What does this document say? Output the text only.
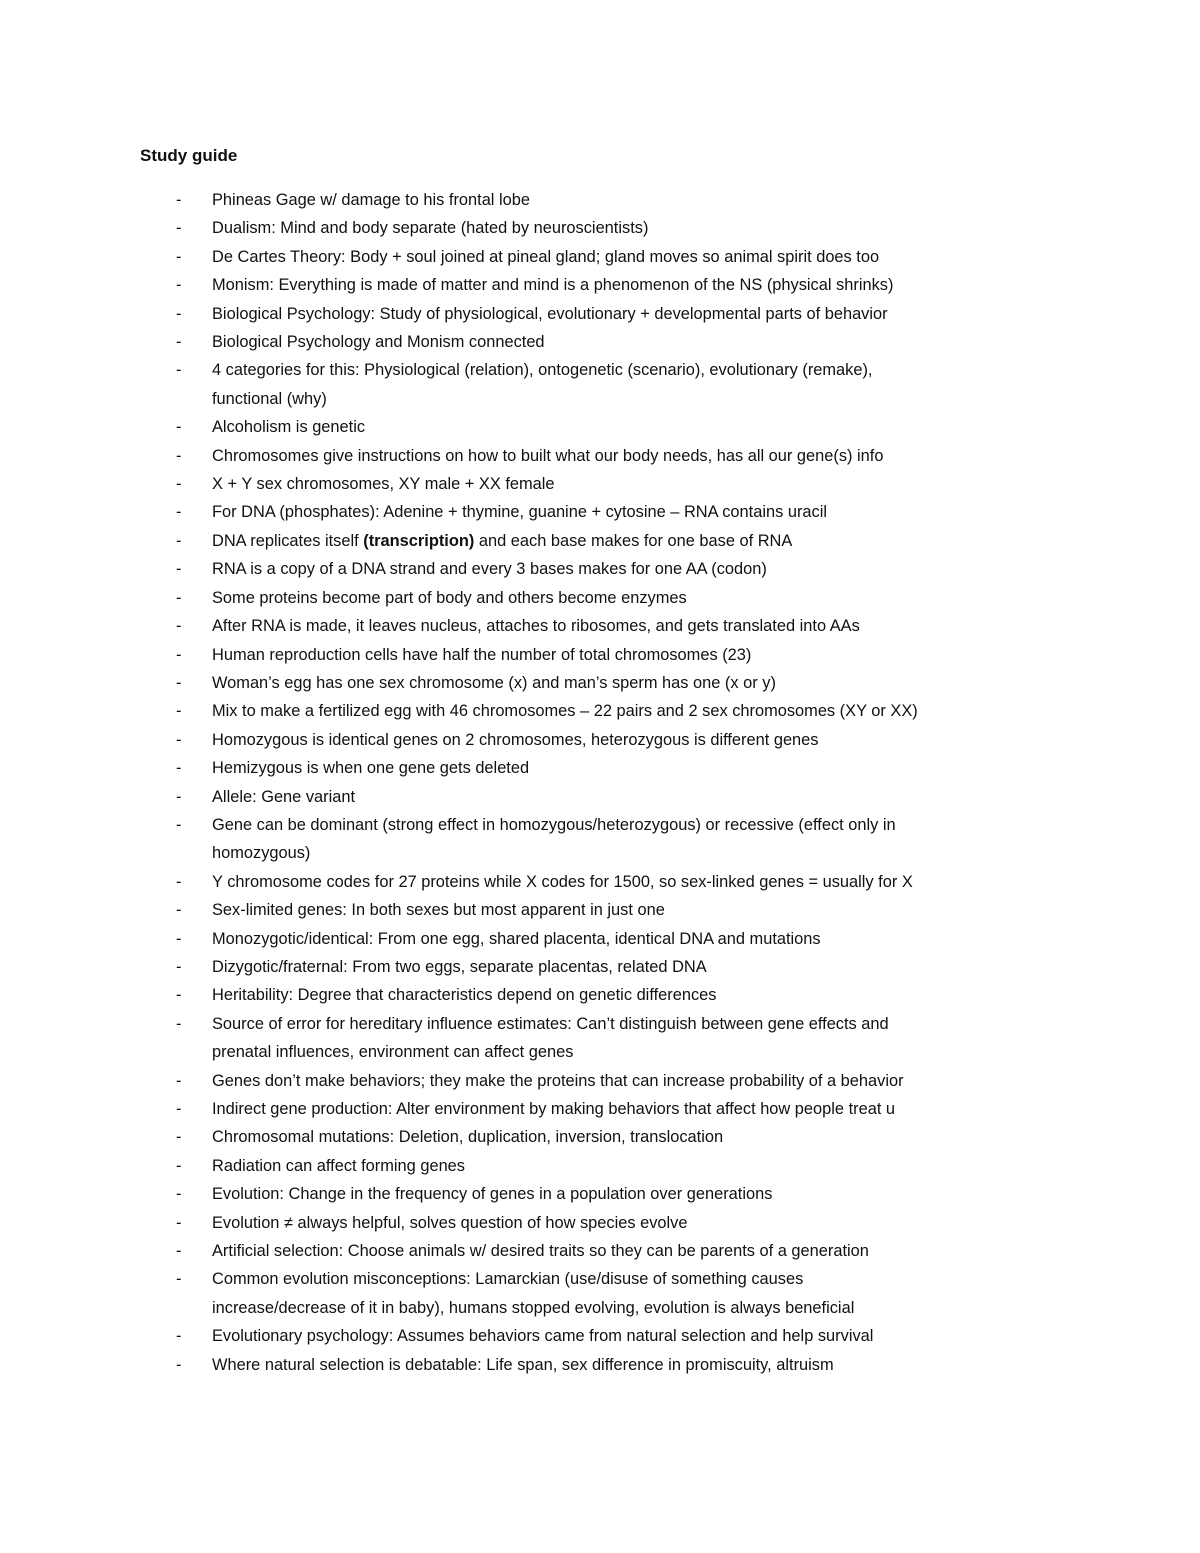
Study guide
- Phineas Gage w/ damage to his frontal lobe
- Dualism: Mind and body separate (hated by neuroscientists)
- De Cartes Theory: Body + soul joined at pineal gland; gland moves so animal spirit does too
- Monism: Everything is made of matter and mind is a phenomenon of the NS (physical shrinks)
- Biological Psychology: Study of physiological, evolutionary + developmental parts of behavior
- Biological Psychology and Monism connected
- 4 categories for this: Physiological (relation), ontogenetic (scenario), evolutionary (remake),
functional (why)
- Alcoholism is genetic
- Chromosomes give instructions on how to built what our body needs, has all our gene(s) info
- X + Y sex chromosomes, XY male + XX female
- For DNA (phosphates): Adenine + thymine, guanine + cytosine – RNA contains uracil
- DNA replicates itself (transcription) and each base makes for one base of RNA
- RNA is a copy of a DNA strand and every 3 bases makes for one AA (codon)
- Some proteins become part of body and others become enzymes
- After RNA is made, it leaves nucleus, attaches to ribosomes, and gets translated into AAs
- Human reproduction cells have half the number of total chromosomes (23)
- Woman’s egg has one sex chromosome (x) and man’s sperm has one (x or y)
- Mix to make a fertilized egg with 46 chromosomes – 22 pairs and 2 sex chromosomes (XY or XX)
- Homozygous is identical genes on 2 chromosomes, heterozygous is different genes
- Hemizygous is when one gene gets deleted
- Allele: Gene variant
- Gene can be dominant (strong effect in homozygous/heterozygous) or recessive (effect only in
homozygous)
- Y chromosome codes for 27 proteins while X codes for 1500, so sex-linked genes = usually for X
- Sex-limited genes: In both sexes but most apparent in just one
- Monozygotic/identical: From one egg, shared placenta, identical DNA and mutations
- Dizygotic/fraternal: From two eggs, separate placentas, related DNA
- Heritability: Degree that characteristics depend on genetic differences
- Source of error for hereditary influence estimates: Can’t distinguish between gene effects and
prenatal influences, environment can affect genes
- Genes don’t make behaviors; they make the proteins that can increase probability of a behavior
- Indirect gene production: Alter environment by making behaviors that affect how people treat u
- Chromosomal mutations: Deletion, duplication, inversion, translocation
- Radiation can affect forming genes
- Evolution: Change in the frequency of genes in a population over generations
- Evolution ≠ always helpful, solves question of how species evolve
- Artificial selection: Choose animals w/ desired traits so they can be parents of a generation
- Common evolution misconceptions: Lamarckian (use/disuse of something causes
increase/decrease of it in baby), humans stopped evolving, evolution is always beneficial
- Evolutionary psychology: Assumes behaviors came from natural selection and help survival
- Where natural selection is debatable: Life span, sex difference in promiscuity, altruism
